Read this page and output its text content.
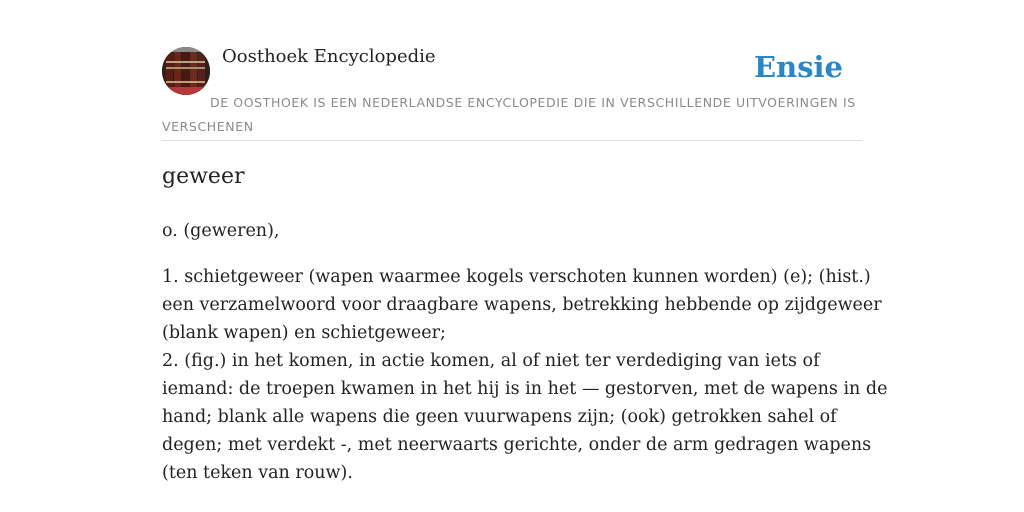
Oosthoek Encyclopedie	Ensie
DE OOSTHOEK IS EEN NEDERLANDSE ENCYCLOPEDIE DIE IN VERSCHILLENDE UITVOERINGEN IS VERSCHENEN
geweer

o. (geweren),

1. schietgeweer (wapen waarmee kogels verschoten kunnen worden) (e); (hist.)

een verzamelwoord voor draagbare wapens, betrekking hebbende op zijdgeweer

(blank wapen) en schietgeweer;

2. (fig.) in het komen, in actie komen, al of niet ter verdediging van iets of

iemand: de troepen kwamen in het hij is in het — gestorven, met de wapens in de

hand; blank alle wapens die geen vuurwapens zijn; (ook) getrokken sahel of

degen; met verdekt -, met neerwaarts gerichte, onder de arm gedragen wapens

(ten teken van rouw).
